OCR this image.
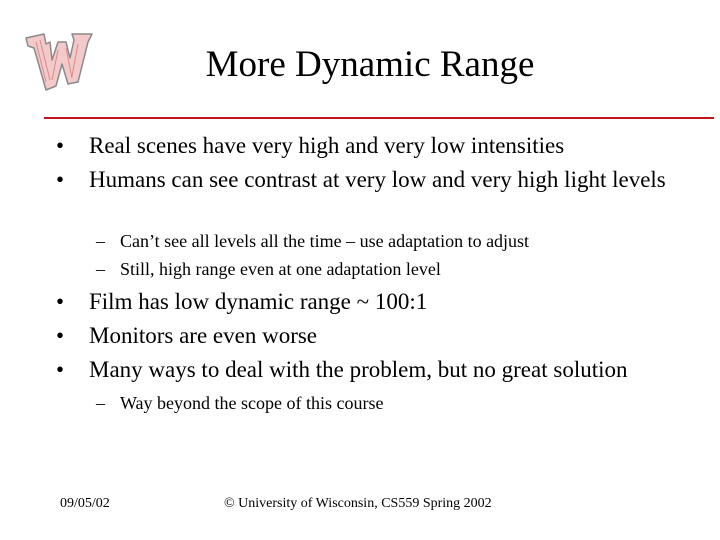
More Dynamic Range
• Real scenes have very high and very low intensities
• Humans can see contrast at very low and very high light levels
– Can’t see all levels all the time – use adaptation to adjust
– Still, high range even at one adaptation level
• Film has low dynamic range ~ 100:1
• Monitors are even worse
• Many ways to deal with the problem, but no great solution
– Way beyond the scope of this course
09/05/02	© University of Wisconsin, CS559 Spring 2002
